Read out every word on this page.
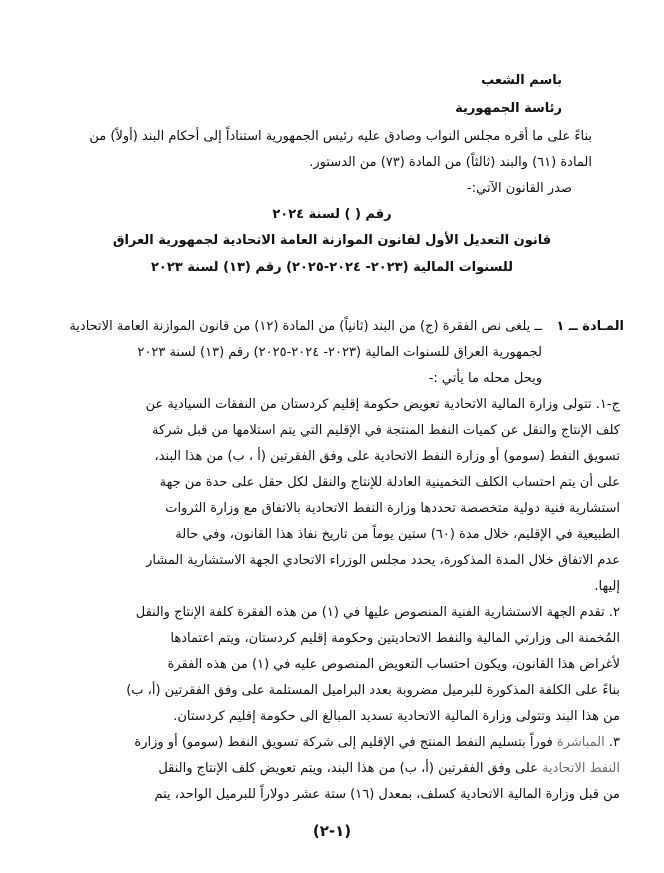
باسم الشعب
رئاسة الجمهورية
بناءً على ما أقره مجلس النواب وصادق عليه رئيس الجمهورية استناداً إلى أحكام البند (أولاً) من
المادة (٦١) والبند (ثالثاً) من المادة (٧٣) من الدستور.
صدر القانون الآتي:-
رقم ( ) لسنة ٢٠٢٤
قانون التعديل الأول لقانون الموازنة العامة الاتحادية لجمهورية العراق
للسنوات المالية (٢٠٢٣- ٢٠٢٤-٢٠٢٥) رقم (١٣) لسنة ٢٠٢٣
المـادة ــ ١
ــ يلغى نص الفقرة (ج) من البند (ثانياً) من المادة (١٢) من قانون الموازنة العامة الاتحادية
لجمهورية العراق للسنوات المالية (٢٠٢٣- ٢٠٢٤-٢٠٢٥) رقم (١٣) لسنة ٢٠٢٣
ويحل محله ما يأتي :-
ج-١. تتولى وزارة المالية الاتحادية تعويض حكومة إقليم كردستان من النفقات السيادية عن
كلف الإنتاج والنقل عن كميات النفط المنتجة في الإقليم التي يتم استلامها من قبل شركة
تسويق النفط (سومو) أو وزارة النفط الاتحادية على وفق الفقرتين (أ ، ب) من هذا البند،
على أن يتم احتساب الكلف التخمينية العادلة للإنتاج والنقل لكل حقل على حدة من جهة
استشارية فنية دولية متخصصة تحددها وزارة النفط الاتحادية بالاتفاق مع وزارة الثروات
الطبيعية في الإقليم، خلال مدة (٦٠) ستين يوماً من تاريخ نفاذ هذا القانون، وفي حالة
عدم الاتفاق خلال المدة المذكورة، يحدد مجلس الوزراء الاتحادي الجهة الاستشارية المشار
إليها.
٢. تقدم الجهة الاستشارية الفنية المنصوص عليها في (١) من هذه الفقرة كلفة الإنتاج والنقل
المُخمنة الى وزارتي المالية والنفط الاتحاديتين وحكومة إقليم كردستان، ويتم اعتمادها
لأغراض هذا القانون، ويكون احتساب التعويض المنصوص عليه في (١) من هذه الفقرة
بناءً على الكلفة المذكورة للبرميل مضروبة بعدد البراميل المستلمة على وفق الفقرتين (أ، ب)
من هذا البند وتتولى وزارة المالية الاتحادية تسديد المبالغ الى حكومة إقليم كردستان.
٣. المباشرة فوراً بتسليم النفط المنتج في الإقليم إلى شركة تسويق النفط (سومو) أو وزارة
النفط الاتحادية على وفق الفقرتين (أ، ب) من هذا البند، ويتم تعويض كلف الإنتاج والنقل
من قبل وزارة المالية الاتحادية كسلف، بمعدل (١٦) ستة عشر دولاراً للبرميل الواحد، يتم
(١-٢)
